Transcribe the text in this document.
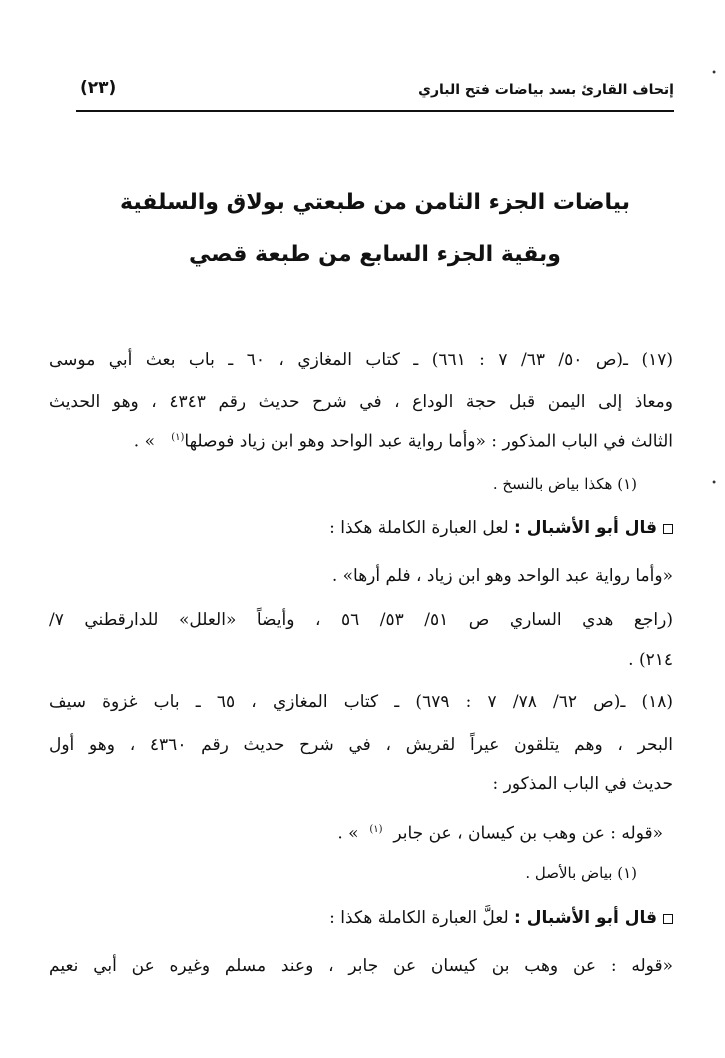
إتحاف القارئ بسد بياضات فتح الباري
(٢٣)
بياضات الجزء الثامن من طبعتي بولاق والسلفية
وبقية الجزء السابع من طبعة قصي
(١٧) ـ(ص ٥٠/ ٦٣/ ٧ : ٦٦١) ـ كتاب المغازي ، ٦٠ ـ باب بعث أبي موسى
ومعاذ إلى اليمن قبل حجة الوداع ، في شرح حديث رقم ٤٣٤٣ ، وهو الحديث
الثالث في الباب المذكور : «وأما رواية عبد الواحد وهو ابن زياد فوصلها$^{(١)}$   » .
(١) هكذا بياض بالنسخ .
قال أبو الأشبال : لعل العبارة الكاملة هكذا :
«وأما رواية عبد الواحد وهو ابن زياد ، فلم أرها» .
(راجع هدي الساري ص ٥١/ ٥٣/ ٥٦ ، وأيضاً «العلل» للدارقطني ٧/
٢١٤) .
(١٨) ـ(ص ٦٢/ ٧٨/ ٧ : ٦٧٩) ـ كتاب المغازي ، ٦٥ ـ باب غزوة سيف
البحر ، وهم يتلقون عيراً لقريش ، في شرح حديث رقم ٤٣٦٠ ، وهو أول
حديث في الباب المذكور :
«قوله : عن وهب بن كيسان ، عن جابر  $^{(١)}$  » .
(١) بياض بالأصل .
قال أبو الأشبال : لعلَّ العبارة الكاملة هكذا :
«قوله : عن وهب بن كيسان عن جابر ، وعند مسلم وغيره عن أبي نعيم
•
•
